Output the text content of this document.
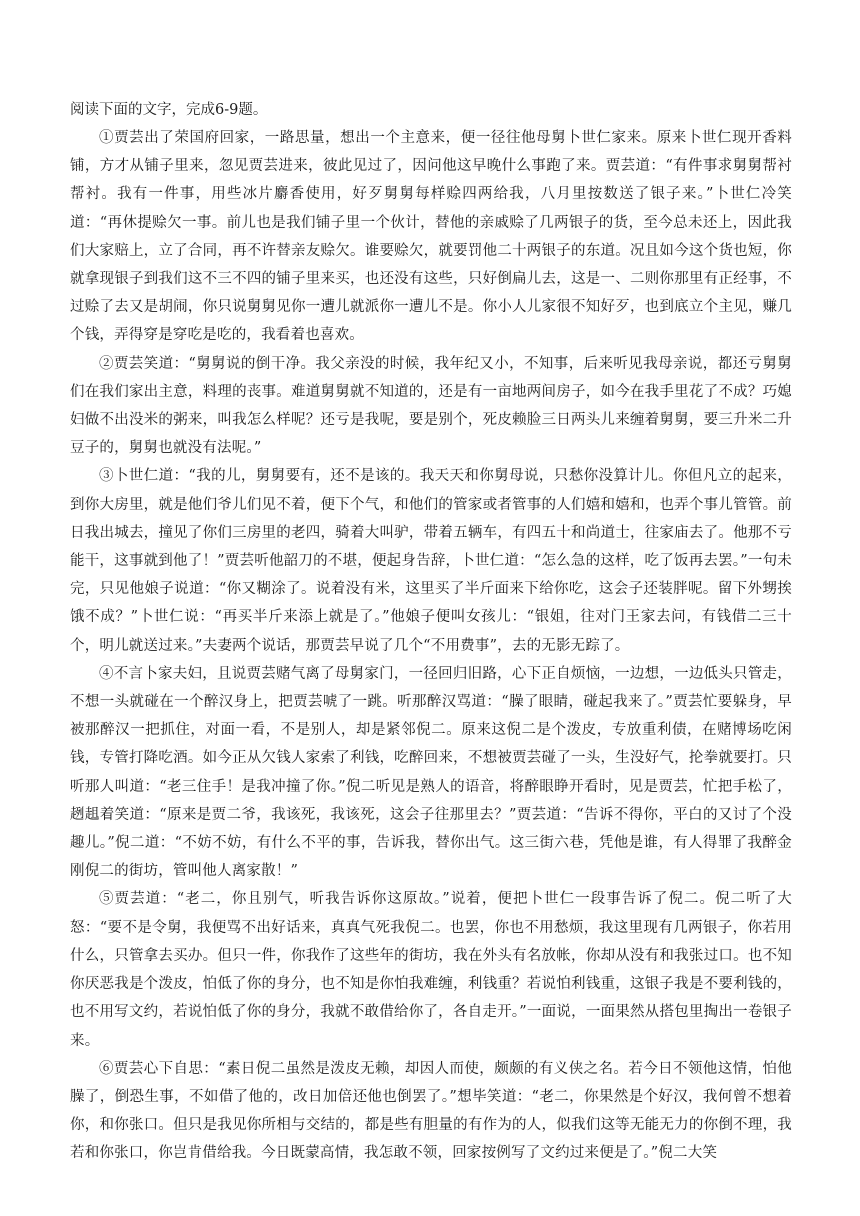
阅读下面的文字，完成6-9题。

①贾芸出了荣国府回家，一路思量，想出一个主意来，便一径往他母舅卜世仁家来。原来卜世仁现开香料铺，方才从铺子里来，忽见贾芸进来，彼此见过了，因问他这早晚什么事跑了来。贾芸道：“有件事求舅舅帮衬帮衬。我有一件事，用些冰片麝香使用，好歹舅舅每样赊四两给我，八月里按数送了银子来。”卜世仁冷笑道：“再休提赊欠一事。前儿也是我们铺子里一个伙计，替他的亲戚赊了几两银子的货，至今总未还上，因此我们大家赔上，立了合同，再不许替亲友赊欠。谁要赊欠，就要罚他二十两银子的东道。况且如今这个货也短，你就拿现银子到我们这不三不四的铺子里来买，也还没有这些，只好倒扁儿去，这是一、二则你那里有正经事，不过赊了去又是胡闹，你只说舅舅见你一遭儿就派你一遭儿不是。你小人儿家很不知好歹，也到底立个主见，赚几个钱，弄得穿是穿吃是吃的，我看着也喜欢。

②贾芸笑道：“舅舅说的倒干净。我父亲没的时候，我年纪又小，不知事，后来听见我母亲说，都还亏舅舅们在我们家出主意，料理的丧事。难道舅舅就不知道的，还是有一亩地两间房子，如今在我手里花了不成？巧媳妇做不出没米的粥来，叫我怎么样呢？还亏是我呢，要是别个，死皮赖脸三日两头儿来缠着舅舅，要三升米二升豆子的，舅舅也就没有法呢。”

③卜世仁道：“我的儿，舅舅要有，还不是该的。我天天和你舅母说，只愁你没算计儿。你但凡立的起来，到你大房里，就是他们爷儿们见不着，便下个气，和他们的管家或者管事的人们嬉和嬉和，也弄个事儿管管。前日我出城去，撞见了你们三房里的老四，骑着大叫驴，带着五辆车，有四五十和尚道士，往家庙去了。他那不亏能干，这事就到他了！”贾芸听他韶刀的不堪，便起身告辞，卜世仁道：“怎么急的这样，吃了饭再去罢。”一句未完，只见他娘子说道：“你又糊涂了。说着没有米，这里买了半斤面来下给你吃，这会子还装胖呢。留下外甥挨饿不成？”卜世仁说：“再买半斤来添上就是了。”他娘子便叫女孩儿：“银姐，往对门王家去问，有钱借二三十个，明儿就送过来。”夫妻两个说话，那贾芸早说了几个“不用费事”，去的无影无踪了。

④不言卜家夫妇，且说贾芸赌气离了母舅家门，一径回归旧路，心下正自烦恼，一边想，一边低头只管走，不想一头就碰在一个醉汉身上，把贾芸唬了一跳。听那醉汉骂道：“臊了眼睛，碰起我来了。”贾芸忙要躲身，早被那醉汉一把抓住，对面一看，不是别人，却是紧邻倪二。原来这倪二是个泼皮，专放重利债，在赌博场吃闲钱，专管打降吃酒。如今正从欠钱人家索了利钱，吃醉回来，不想被贾芸碰了一头，生没好气，抡拳就要打。只听那人叫道：“老三住手！是我冲撞了你。”倪二听见是熟人的语音，将醉眼睁开看时，见是贾芸，忙把手松了，趔趄着笑道：“原来是贾二爷，我该死，我该死，这会子往那里去？”贾芸道：“告诉不得你，平白的又讨了个没趣儿。”倪二道：“不妨不妨，有什么不平的事，告诉我，替你出气。这三街六巷，凭他是谁，有人得罪了我醉金刚倪二的街坊，管叫他人离家散！”

⑤贾芸道：“老二，你且别气，听我告诉你这原故。”说着，便把卜世仁一段事告诉了倪二。倪二听了大怒：“要不是令舅，我便骂不出好话来，真真气死我倪二。也罢，你也不用愁烦，我这里现有几两银子，你若用什么，只管拿去买办。但只一件，你我作了这些年的街坊，我在外头有名放帐，你却从没有和我张过口。也不知你厌恶我是个泼皮，怕低了你的身分，也不知是你怕我难缠，利钱重？若说怕利钱重，这银子我是不要利钱的，也不用写文约，若说怕低了你的身分，我就不敢借给你了，各自走开。”一面说，一面果然从搭包里掏出一卷银子来。

⑥贾芸心下自思：“素日倪二虽然是泼皮无赖，却因人而使，颇颇的有义侠之名。若今日不领他这情，怕他臊了，倒恐生事，不如借了他的，改日加倍还他也倒罢了。”想毕笑道：“老二，你果然是个好汉，我何曾不想着你，和你张口。但只是我见你所相与交结的，都是些有胆量的有作为的人，似我们这等无能无力的你倒不理，我若和你张口，你岂肯借给我。今日既蒙高情，我怎敢不领，回家按例写了文约过来便是了。”倪二大笑
